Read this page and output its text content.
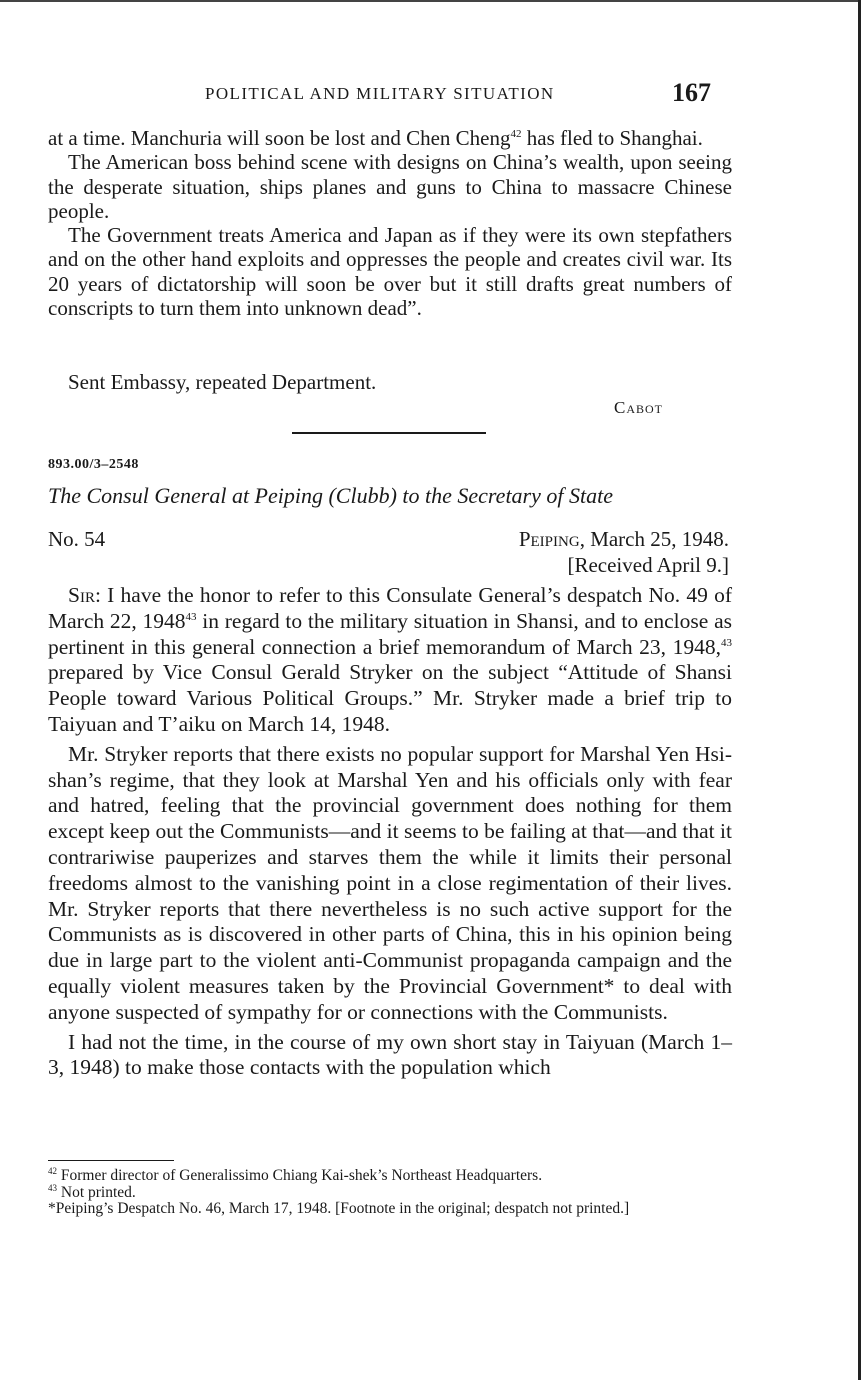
POLITICAL AND MILITARY SITUATION	167

at a time. Manchuria will soon be lost and Chen Cheng$^{42}$ has fled to Shanghai.

The American boss behind scene with designs on China’s wealth, upon seeing the desperate situation, ships planes and guns to China to massacre Chinese people.

The Government treats America and Japan as if they were its own stepfathers and on the other hand exploits and oppresses the people and creates civil war. Its 20 years of dictatorship will soon be over but it still drafts great numbers of conscripts to turn them into unknown dead”.

Sent Embassy, repeated Department.

Cabot
893.00/3–2548
The Consul General at Peiping (Clubb) to the Secretary of State
No. 54	Peiping, March 25, 1948.
[Received April 9.]

Sir: I have the honor to refer to this Consulate General’s despatch No. 49 of March 22, 1948$^{43}$ in regard to the military situation in Shansi, and to enclose as pertinent in this general connection a brief memorandum of March 23, 1948,43 prepared by Vice Consul Gerald Stryker on the subject “Attitude of Shansi People toward Various Political Groups.” Mr. Stryker made a brief trip to Taiyuan and T’aiku on March 14, 1948.

Mr. Stryker reports that there exists no popular support for Marshal Yen Hsi-shan’s regime, that they look at Marshal Yen and his officials only with fear and hatred, feeling that the provincial government does nothing for them except keep out the Communists—and it seems to be failing at that—and that it contrariwise pauperizes and starves them the while it limits their personal freedoms almost to the vanishing point in a close regimentation of their lives. Mr. Stryker reports that there nevertheless is no such active support for the Communists as is discovered in other parts of China, this in his opinion being due in large part to the violent anti-Communist propaganda campaign and the equally violent measures taken by the Provincial Government* to deal with anyone suspected of sympathy for or connections with the Communists.

I had not the time, in the course of my own short stay in Taiyuan (March 1–3, 1948) to make those contacts with the population which

$^{42}$ Former director of Generalissimo Chiang Kai-shek’s Northeast Headquarters.

$^{43}$ Not printed.

*Peiping’s Despatch No. 46, March 17, 1948. [Footnote in the original; despatch not printed.]
